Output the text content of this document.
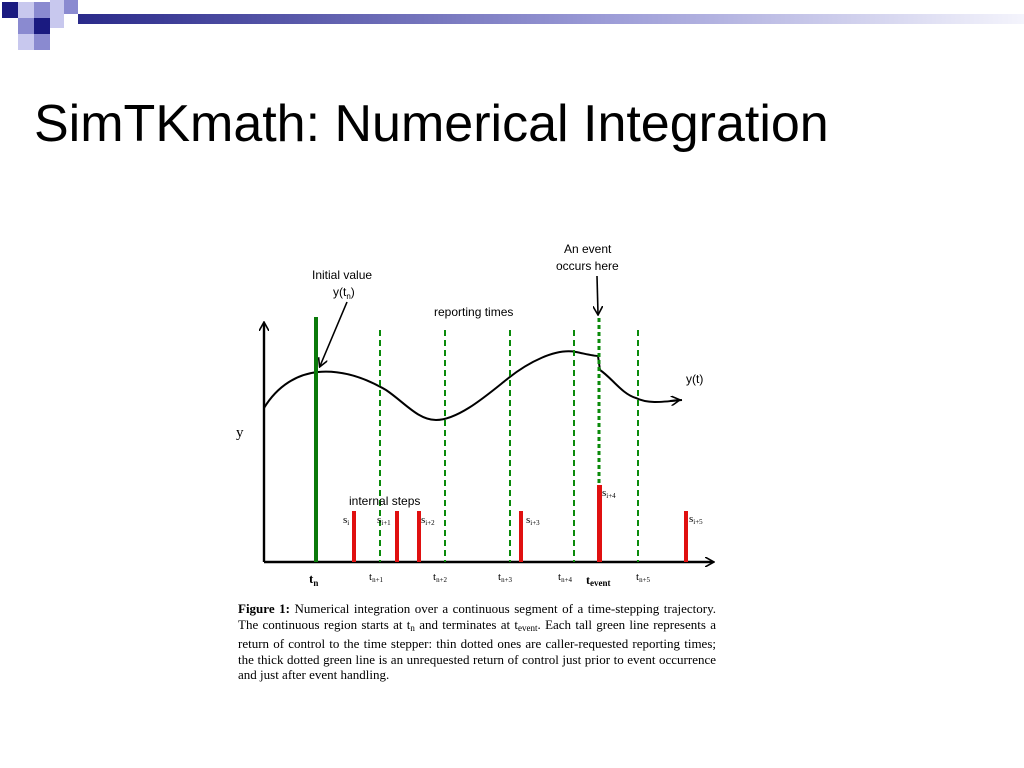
SimTKmath: Numerical Integration
Initial value
$y(t_n)$
An event
occurs here
reporting times
internal steps
y(t)
y
si	si+1	si+2	si+3
si+4
si+5
$t_n$	tn+1	tn+2	tn+3	tn+4 tevent tn+5

Figure 1: Numerical integration over a continuous segment of a time-stepping trajectory. The continuous region starts at $t_n$ and terminates at $t_{event}$. Each tall green line represents a return of control to the time stepper: thin dotted ones are caller-requested reporting times; the thick dotted green line is an unrequested return of control just prior to event occurrence and just after event handling.
